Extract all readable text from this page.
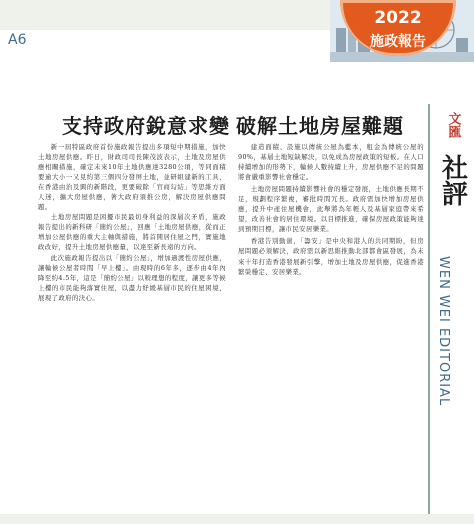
A6
2022
施政報告
支持政府銳意求變 破解土地房屋難題

新一屆特區政府首份施政報告提出多項短中期措施，加快土地房屋供應。昨日，財政司司長陳茂波表示，土地及房屋供應相關措施，確定未來10年土地供應達3280公頃，等同面積要逾大小一又見約第三個四分發屏土地，並研組建新的工具，在香港由治及興的新階段，更要破除「官商勾結」等思維方面人迷，擴大房屋供應，著大政府須推公房，解決房屋供應問題。

土地房屋問題是困擾市民最切身利益的深層次矛盾，施政報告提出的新科研「簡約公屋」，回應「土地房屋供應，從而正增加公屋供應的重大主軸與措施，將首開居住屋之門，實施地政改好，提升土地房屋供應量，以達至新長遠的方向。

此次施政報告提出以「簡約公屋」，增加過渡性房屋供應，讓輪候公屋者時間「早上樓」。由現時的6年多，逐步由4年內降至約4.5年，這是「簡約公屋」以較理想的程度，讓更多等候上樓的市民能夠落實住屋，以盡力紓緩基層市民的住屋困境，展現了政府的決心。

建造面積、設施以傳統公屋為藍本，租金為傳統公屋的90%，基層土地短缺解決，以免成為房屋政策的短板。在人口持續增加的形勢下，輪候人數持續上升，房屋供應不足的問題將會嚴重影響社會穩定。

土地房屋問題持續影響社會的穩定發展，土地供應長期不足，規劃程序繁複，審批時間冗長。政府需加快增加房屋供應，提升中產住屋機會，此舉將為年輕人及基層家庭帶來希望，改善社會的居住環境。以目標推進，確保房屋政策能夠達到預期目標，讓市民安居樂業。

香港告別動盪，「籌安」是中央和港人的共同期盼，但房屋問題必須解決，政府需以新思維推動北部都會區發展，為未來十年打造香港發展新引擎，增加土地及房屋供應，促進香港繁榮穩定、安居樂業。

文匯
社評
WEN WEI EDITORIAL
